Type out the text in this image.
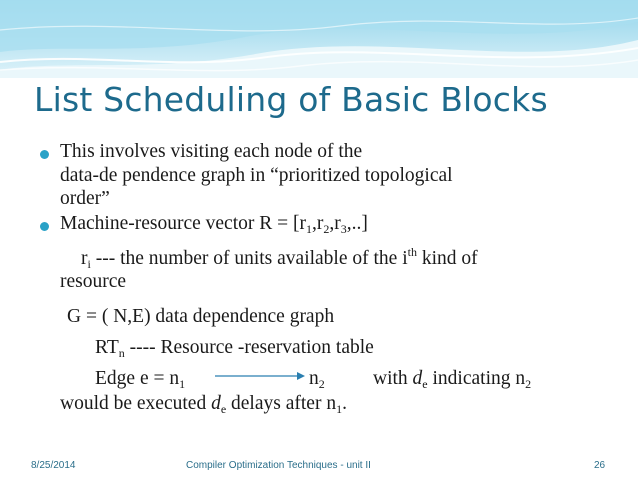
List Scheduling of Basic Blocks
This involves visiting each node of the
data-de pendence graph in “prioritized topological
order”
Machine-resource vector $R = [r_1,r_2,r_3,..]$
$r_i$ --- the number of units available of the $i^{th}$ kind of
resource
G = ( N,E) data dependence graph
$RT_n$ ---- Resource -reservation table
Edge $e = n_1$	$n_2$ with $d_e$ indicating $n_2$
would be executed $d_e$ delays after $n_1$.
8/25/2014	Compiler Optimization Techniques - unit II	26
